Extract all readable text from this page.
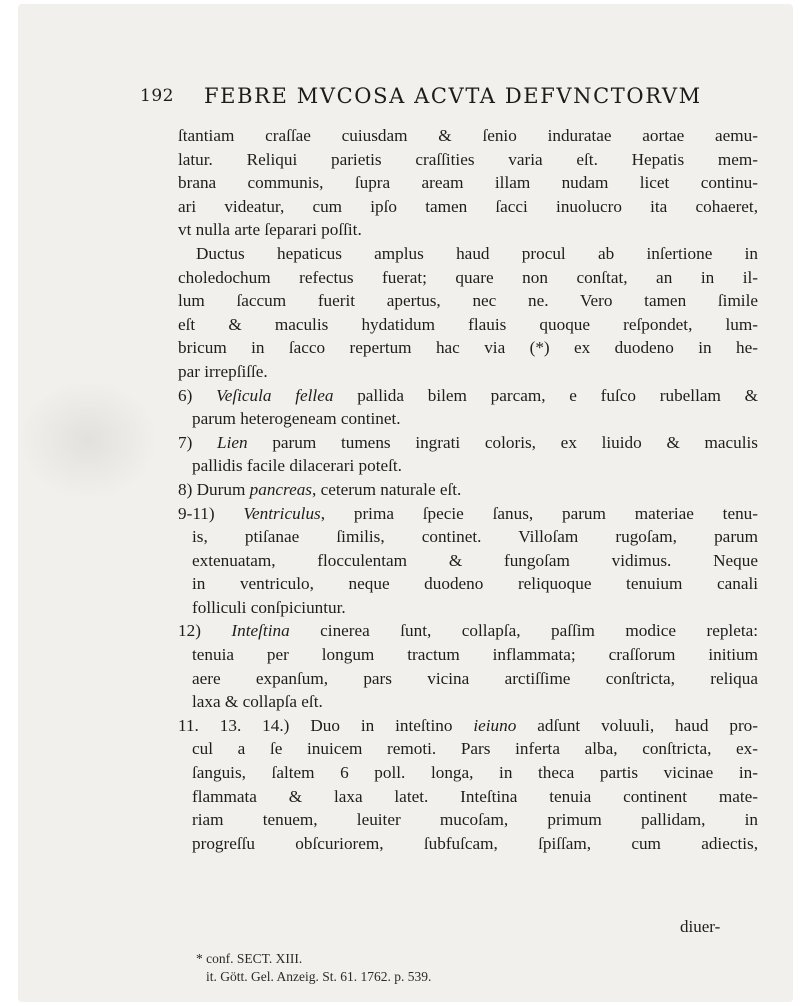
192 FEBRE MVCOSA ACVTA DEFVNCTORVM

ſtantiam craſſae cuiusdam & ſenio induratae aortae aemu-
latur. Reliqui parietis craſſities varia eſt. Hepatis mem-
brana communis, ſupra aream illam nudam licet continu-
ari videatur, cum ipſo tamen ſacci inuolucro ita cohaeret,
vt nulla arte ſeparari poſſit.

Ductus hepaticus amplus haud procul ab inſertione in
choledochum refectus fuerat; quare non conſtat, an in il-
lum ſaccum fuerit apertus, nec ne. Vero tamen ſimile
eſt & maculis hydatidum flauis quoque reſpondet, lum-
bricum in ſacco repertum hac via (*) ex duodeno in he-
par irrepſiſſe.

6) Veſicula fellea pallida bilem parcam, e fuſco rubellam &
parum heterogeneam continet.

7) Lien parum tumens ingrati coloris, ex liuido & maculis
pallidis facile dilacerari poteſt.

8) Durum pancreas, ceterum naturale eſt.

9-11) Ventriculus, prima ſpecie ſanus, parum materiae tenu-
is, ptiſanae ſimilis, continet. Villoſam rugoſam, parum
extenuatam, flocculentam & fungoſam vidimus. Neque
in ventriculo, neque duodeno reliquoque tenuium canali
folliculi conſpiciuntur.

12) Inteſtina cinerea ſunt, collapſa, paſſim modice repleta:
tenuia per longum tractum inflammata; craſſorum initium
aere expanſum, pars vicina arctiſſime conſtricta, reliqua
laxa & collapſa eſt.

11. 13. 14.) Duo in inteſtino ieiuno adſunt voluuli, haud pro-
cul a ſe inuicem remoti. Pars inferta alba, conſtricta, ex-
ſanguis, ſaltem 6 poll. longa, in theca partis vicinae in-
flammata & laxa latet. Inteſtina tenuia continent mate-
riam tenuem, leuiter mucoſam, primum pallidam, in
progreſſu obſcuriorem, ſubfuſcam, ſpiſſam, cum adiectis,

diuer-
* conf. SECT. XIII.
it. Gött. Gel. Anzeig. St. 61. 1762. p. 539.
